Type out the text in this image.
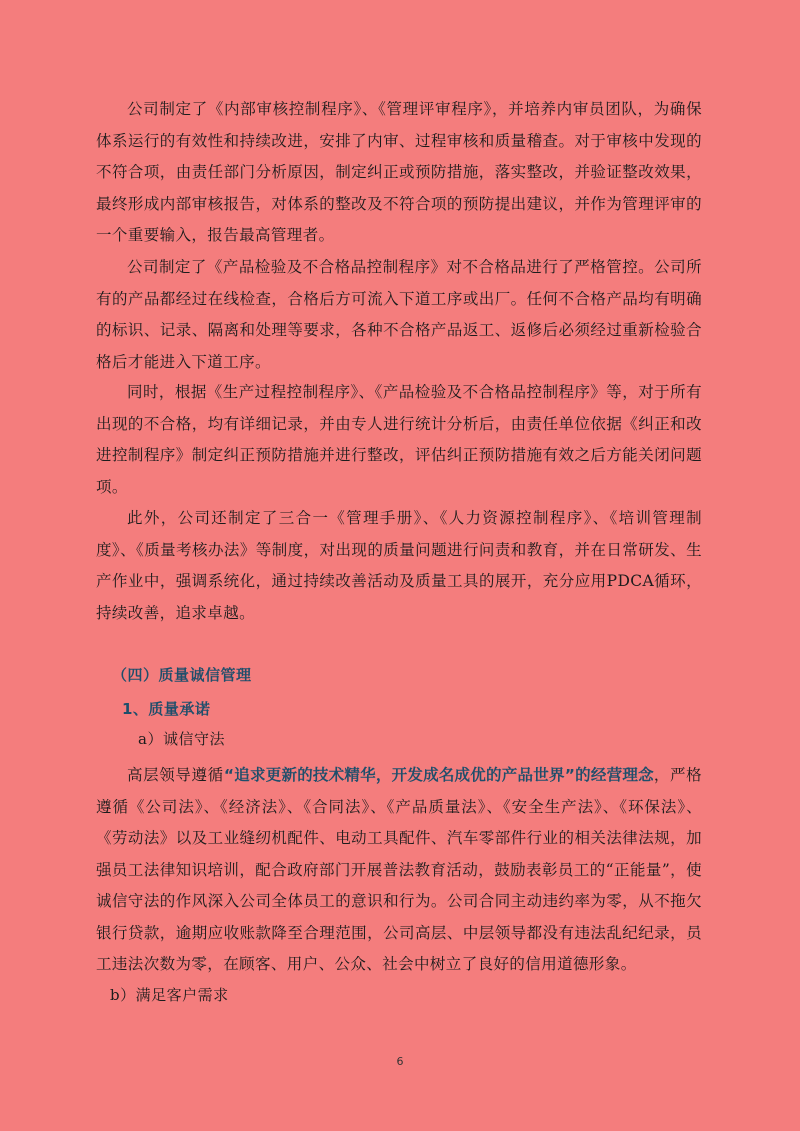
公司制定了《内部审核控制程序》、《管理评审程序》，并培养内审员团队，为确保体系运行的有效性和持续改进，安排了内审、过程审核和质量稽查。对于审核中发现的不符合项，由责任部门分析原因，制定纠正或预防措施，落实整改，并验证整改效果，最终形成内部审核报告，对体系的整改及不符合项的预防提出建议，并作为管理评审的一个重要输入，报告最高管理者。

公司制定了《产品检验及不合格品控制程序》对不合格品进行了严格管控。公司所有的产品都经过在线检查，合格后方可流入下道工序或出厂。任何不合格产品均有明确的标识、记录、隔离和处理等要求，各种不合格产品返工、返修后必须经过重新检验合格后才能进入下道工序。

同时，根据《生产过程控制程序》、《产品检验及不合格品控制程序》等，对于所有出现的不合格，均有详细记录，并由专人进行统计分析后，由责任单位依据《纠正和改进控制程序》制定纠正预防措施并进行整改，评估纠正预防措施有效之后方能关闭问题项。

此外，公司还制定了三合一《管理手册》、《人力资源控制程序》、《培训管理制度》、《质量考核办法》等制度，对出现的质量问题进行问责和教育，并在日常研发、生产作业中，强调系统化，通过持续改善活动及质量工具的展开，充分应用PDCA循环，持续改善，追求卓越。

（四）质量诚信管理
1、质量承诺

a）诚信守法

高层领导遵循“追求更新的技术精华，开发成名成优的产品世界”的经营理念，严格遵循《公司法》、《经济法》、《合同法》、《产品质量法》、《安全生产法》、《环保法》、《劳动法》以及工业缝纫机配件、电动工具配件、汽车零部件行业的相关法律法规，加强员工法律知识培训，配合政府部门开展普法教育活动，鼓励表彰员工的“正能量”，使诚信守法的作风深入公司全体员工的意识和行为。公司合同主动违约率为零，从不拖欠银行贷款，逾期应收账款降至合理范围，公司高层、中层领导都没有违法乱纪纪录，员工违法次数为零，在顾客、用户、公众、社会中树立了良好的信用道德形象。

b）满足客户需求

6
